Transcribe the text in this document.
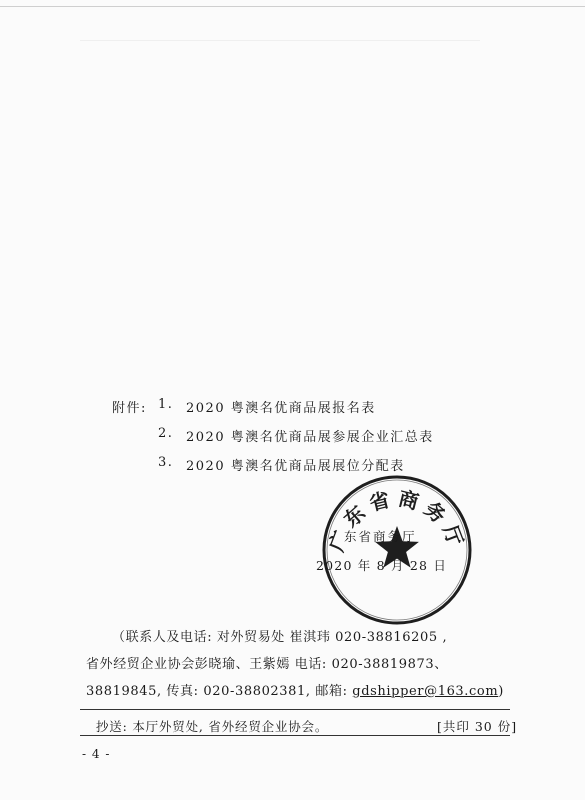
附件: 1. 2020 粤澳名优商品展报名表
2. 2020 粤澳名优商品展参展企业汇总表
3. 2020 粤澳名优商品展展位分配表
广东省商务厅
东省商务厅
2020 年 8 月 28 日
（联系人及电话: 对外贸易处 崔淇玮 020-38816205 ,
省外经贸企业协会彭晓瑜、王紫嫣 电话: 020-38819873、
38819845, 传真: 020-38802381, 邮箱: gdshipper@163.com)
抄送: 本厅外贸处, 省外经贸企业协会。	[共印 30 份]
- 4 -
